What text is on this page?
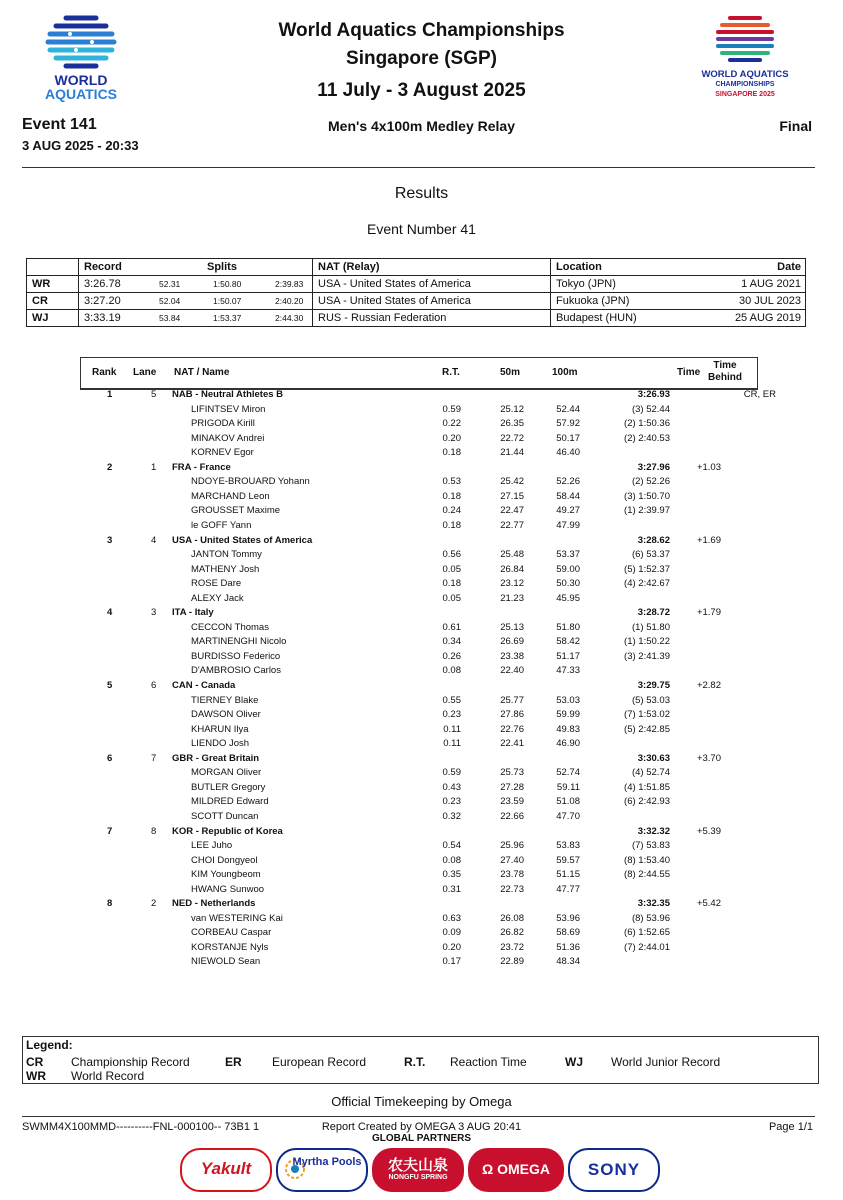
WORLD
AQUATICS
World Aquatics Championships
Singapore (SGP)
11 July - 3 August 2025
WORLD AQUATICS
CHAMPIONSHIPS
SINGAPORE 2025
Event 141
3 AUG 2025 - 20:33
Men's 4x100m Medley Relay	Final
Results
Event Number 41
Record	Splits	NAT (Relay)	Location	Date
WR	3:26.78	52.31	1:50.80	2:39.83 USA - United States of America	Tokyo (JPN)	1 AUG 2021
CR	3:27.20	52.04	1:50.07	2:40.20 USA - United States of America	Fukuoka (JPN)	30 JUL 2023
WJ	3:33.19	53.84	1:53.37	2:44.30 RUS - Russian Federation	Budapest (HUN)	25 AUG 2019
Rank Lane NAT / Name	R.T.	50m	100m	Time
Time
Behind
1	5 NAB - Neutral Athletes B	3:26.93	CR, ER
LIFINTSEV Miron	0.59	25.12	52.44	(3) 52.44
PRIGODA Kirill	0.22	26.35	57.92	(2) 1:50.36
MINAKOV Andrei	0.20	22.72	50.17	(2) 2:40.53
KORNEV Egor	0.18	21.44	46.40
2	1 FRA - France	3:27.96	+1.03
NDOYE-BROUARD Yohann	0.53	25.42	52.26	(2) 52.26
MARCHAND Leon	0.18	27.15	58.44	(3) 1:50.70
GROUSSET Maxime	0.24	22.47	49.27	(1) 2:39.97
le GOFF Yann	0.18	22.77	47.99
3	4 USA - United States of America	3:28.62	+1.69
JANTON Tommy	0.56	25.48	53.37	(6) 53.37
MATHENY Josh	0.05	26.84	59.00	(5) 1:52.37
ROSE Dare	0.18	23.12	50.30	(4) 2:42.67
ALEXY Jack	0.05	21.23	45.95
4	3 ITA - Italy	3:28.72	+1.79
CECCON Thomas	0.61	25.13	51.80	(1) 51.80
MARTINENGHI Nicolo	0.34	26.69	58.42	(1) 1:50.22
BURDISSO Federico	0.26	23.38	51.17	(3) 2:41.39
D'AMBROSIO Carlos	0.08	22.40	47.33
5	6 CAN - Canada	3:29.75	+2.82
TIERNEY Blake	0.55	25.77	53.03	(5) 53.03
DAWSON Oliver	0.23	27.86	59.99	(7) 1:53.02
KHARUN Ilya	0.11	22.76	49.83	(5) 2:42.85
LIENDO Josh	0.11	22.41	46.90
6	7 GBR - Great Britain	3:30.63	+3.70
MORGAN Oliver	0.59	25.73	52.74	(4) 52.74
BUTLER Gregory	0.43	27.28	59.11	(4) 1:51.85
MILDRED Edward	0.23	23.59	51.08	(6) 2:42.93
SCOTT Duncan	0.32	22.66	47.70
7	8 KOR - Republic of Korea	3:32.32	+5.39
LEE Juho	0.54	25.96	53.83	(7) 53.83
CHOI Dongyeol	0.08	27.40	59.57	(8) 1:53.40
KIM Youngbeom	0.35	23.78	51.15	(8) 2:44.55
HWANG Sunwoo	0.31	22.73	47.77
8	2 NED - Netherlands	3:32.35	+5.42
van WESTERING Kai	0.63	26.08	53.96	(8) 53.96
CORBEAU Caspar	0.09	26.82	58.69	(6) 1:52.65
KORSTANJE Nyls	0.20	23.72	51.36	(7) 2:44.01
NIEWOLD Sean	0.17	22.89	48.34
Legend:
CR Championship Record	ER	European Record	R.T. Reaction Time	WJ World Junior Record
WR World Record
Official Timekeeping by Omega
SWMM4X100MMD----------FNL-000100-- 73B1 1	Report Created by OMEGA 3 AUG 20:41	Page 1/1
GLOBAL PARTNERS
Yakult	Myrtha Pools	农夫山泉
NONGFU SPRING
Ω OMEGA	SONY
